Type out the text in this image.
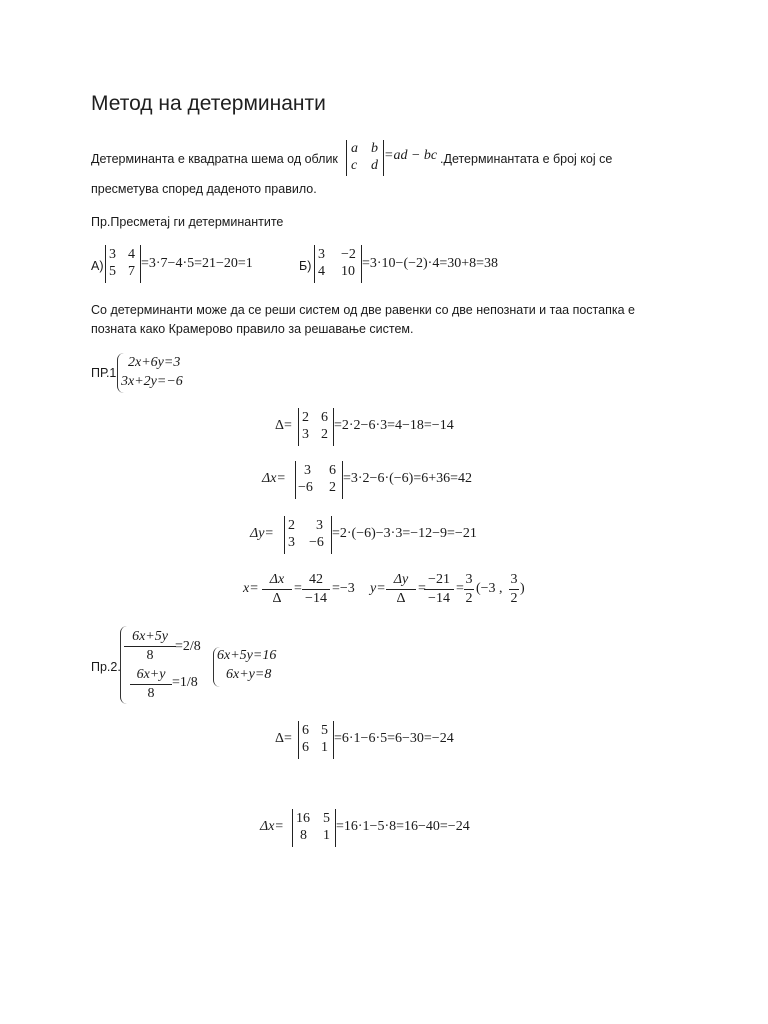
Метод на детерминанти
Детерминанта е квадратна шема од облик
a b
c d
=ad − bc .Детерминантата е број кој се
пресметува според даденото правило.
Пр.Пресметај ги детерминантите
А)
3 4
5 7
=3·7−4·5=21−20=1	Б)
3 −2
4 10
=3·10−(−2)·4=30+8=38
Со детерминанти може да се реши систем од две равенки со две непознати и таа постапка е
позната како Крамерово правило за решавање систем.
ПР.1
2x+6y=3
3x+2y=−6
Δ=
2 6
3 2
=2·2−6·3=4−18=−14
Δx=
3 6
−6 2
=3·2−6·(−6)=6+36=42
Δy=
2 3
3 −6
=2·(−6)−3·3=−12−9=−21
x=
Δx
Δ
=
42
−14
=−3 y=
Δy
Δ
=
−21
−14
=
3
2
(−3 ,
3
2
)
Пр.2.
6x+5y
8
=2/8
6x+y
8
=1/8
6x+5y=16
6x+y=8
Δ=
6 5
6 1
=6·1−6·5=6−30=−24
Δx=
16 5
8 1
=16·1−5·8=16−40=−24
